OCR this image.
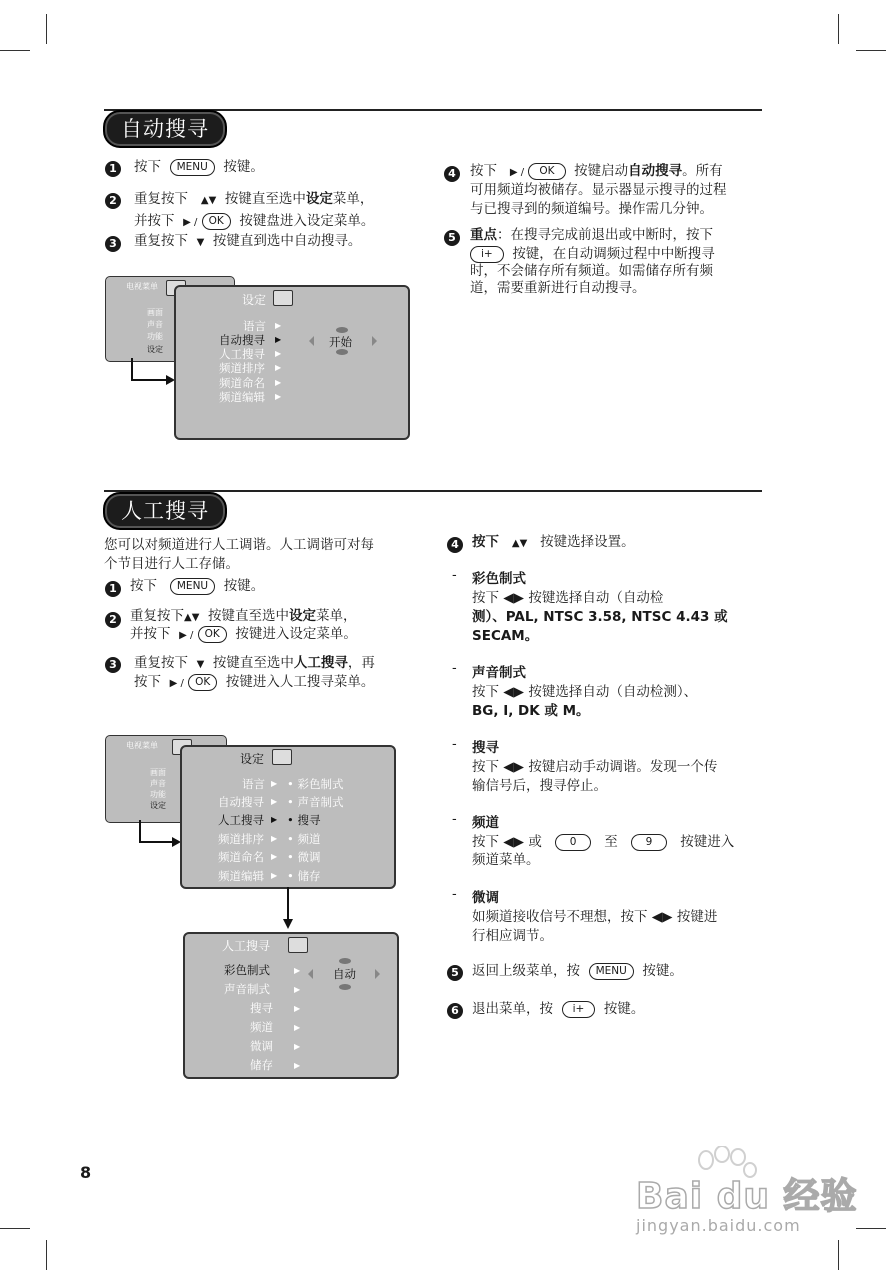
自动搜寻
1	按下 MENU 按键。
2	重复按下 ▲▼ 按键直至选中设定菜单，
并按下 ▶ / OK 按键盘进入设定菜单。
3	重复按下 ▼ 按键直到选中自动搜寻。
4	按下 ▶ / OK 按键启动自动搜寻。所有
可用频道均被储存。显示器显示搜寻的过程
与已搜寻到的频道编号。操作需几分钟。
5	重点：在搜寻完成前退出或中断时，按下
i+ 按键，在自动调频过程中中断搜寻
时，不会储存所有频道。如需储存所有频
道，需要重新进行自动搜寻。
电视菜单
画面
声音
功能
设定
设定
语言
自动搜寻
人工搜寻
频道排序
频道命名
频道编辑
▶
▶
▶
▶
▶
▶
开始
人工搜寻
您可以对频道进行人工调谐。人工调谐可对每
个节目进行人工存储。
1 按下 MENU 按键。
2 重复按下▲▼ 按键直至选中设定菜单，
并按下 ▶ / OK 按键进入设定菜单。
3	重复按下 ▼ 按键直至选中人工搜寻，再
按下 ▶ / OK 按键进入人工搜寻菜单。
4 按下 ▲▼ 按键选择设置。
- 彩色制式
按下 ◀▶ 按键选择自动（自动检
测）、PAL, NTSC 3.58, NTSC 4.43 或
SECAM。
- 声音制式
按下 ◀▶ 按键选择自动（自动检测）、
BG, I, DK 或 M。
- 搜寻
按下 ◀▶ 按键启动手动调谐。发现一个传
输信号后，搜寻停止。
- 频道
按下 ◀▶ 或	0 至	9 按键进入
频道菜单。
- 微调
如频道接收信号不理想，按下 ◀▶ 按键进
行相应调节。
5 返回上级菜单，按 MENU 按键。
6 退出菜单，按 i+ 按键。
电视菜单
画面
声音
功能
设定
设定
语言
自动搜寻
人工搜寻
频道排序
频道命名
频道编辑
▶
▶
▶
▶
▶
▶
• 彩色制式
• 声音制式
• 搜寻
• 频道
• 微调
• 储存
人工搜寻
彩色制式
声音制式
搜寻
频道
微调
储存
▶
▶
▶
▶
▶
▶
自动
8
Bai du 经验
jingyan.baidu.com
